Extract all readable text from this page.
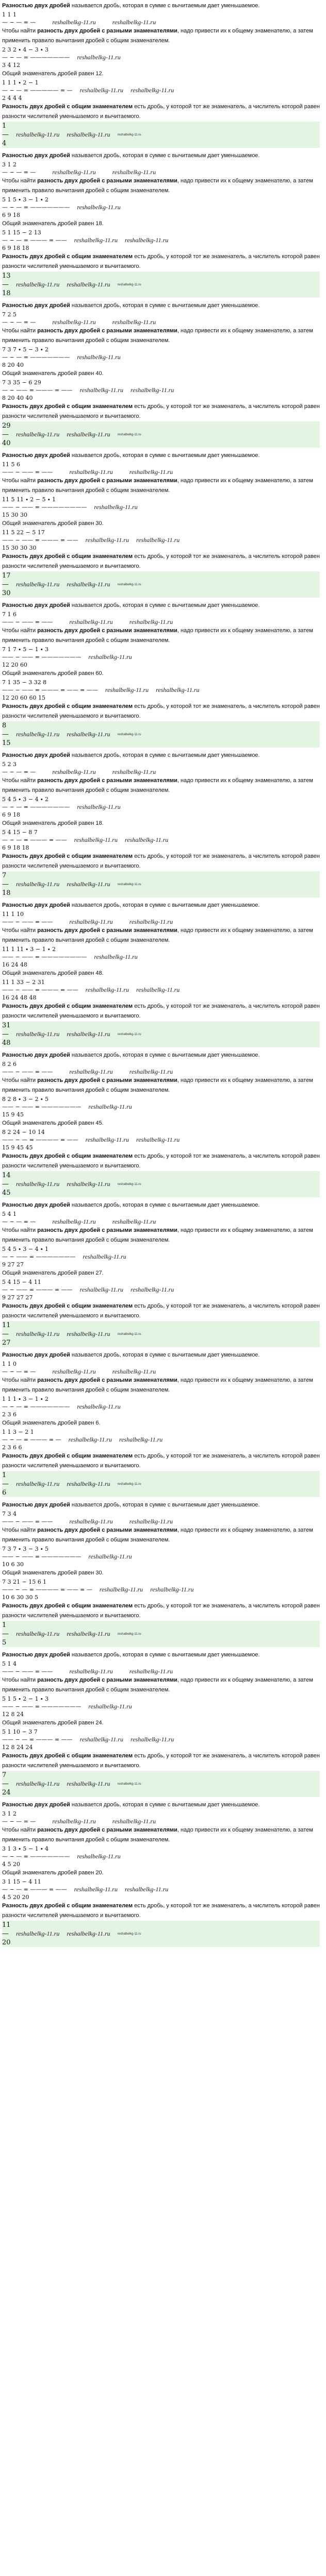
Разностью двух дробей называется дробь, которая в сумме с вычитаемым дает уменьшаемое.

1 1 1
— − — = —	reshalbelkg-11.ru	reshalbelkg-11.ru

Чтобы найти разность двух дробей с разными знаменателями, надо привести их к общему знаменателю, а затем применить правило вычитания дробей с общим знаменателем.

2 3 2 ∙ 4 − 3 ∙ 3
— − — = ——————— reshalbelkg-11.ru
3 4 12

Общий знаменатель дробей равен 12.

1 1 1 ∙ 2 − 1
— − — = ————— = — reshalbelkg-11.ru reshalbelkg-11.ru
2 4 4 4

Разность двух дробей с общим знаменателем есть дробь, у которой тот же знаменатель, а числитель которой равен разности числителей уменьшаемого и вычитаемого.

1
— reshalbelkg-11.ru reshalbelkg-11.ru reshalbelkg-11.ru
4

Разностью двух дробей называется дробь, которая в сумме с вычитаемым дает уменьшаемое.

3 1 2
— − — = —	reshalbelkg-11.ru	reshalbelkg-11.ru

Чтобы найти разность двух дробей с разными знаменателями, надо привести их к общему знаменателю, а затем применить правило вычитания дробей с общим знаменателем.

5 1 5 ∙ 3 − 1 ∙ 2
— − — = ——————— reshalbelkg-11.ru
6 9 18

Общий знаменатель дробей равен 18.

5 1 15 − 2 13
— − — = ——— = —— reshalbelkg-11.ru reshalbelkg-11.ru
6 9 18 18

Разность двух дробей с общим знаменателем есть дробь, у которой тот же знаменатель, а числитель которой равен разности числителей уменьшаемого и вычитаемого.

13
— reshalbelkg-11.ru reshalbelkg-11.ru reshalbelkg-11.ru
18

Разностью двух дробей называется дробь, которая в сумме с вычитаемым дает уменьшаемое.

7 2 5
— − — = —	reshalbelkg-11.ru	reshalbelkg-11.ru

Чтобы найти разность двух дробей с разными знаменателями, надо привести их к общему знаменателю, а затем применить правило вычитания дробей с общим знаменателем.

7 3 7 ∙ 5 − 3 ∙ 2
— − — = ——————— reshalbelkg-11.ru
8 20 40

Общий знаменатель дробей равен 40.

7 3 35 − 6 29
— − —— = ——— = —— reshalbelkg-11.ru reshalbelkg-11.ru
8 20 40 40

Разность двух дробей с общим знаменателем есть дробь, у которой тот же знаменатель, а числитель которой равен разности числителей уменьшаемого и вычитаемого.

29
— reshalbelkg-11.ru reshalbelkg-11.ru reshalbelkg-11.ru
40

Разностью двух дробей называется дробь, которая в сумме с вычитаемым дает уменьшаемое.

11 5 6
—— − —— = ——	reshalbelkg-11.ru	reshalbelkg-11.ru

Чтобы найти разность двух дробей с разными знаменателями, надо привести их к общему знаменателю, а затем применить правило вычитания дробей с общим знаменателем.

11 5 11 ∙ 2 − 5 ∙ 1
—— − —— = ———————— reshalbelkg-11.ru
15 30 30

Общий знаменатель дробей равен 30.

11 5 22 − 5 17
—— − —— = ——— = —— reshalbelkg-11.ru reshalbelkg-11.ru
15 30 30 30

Разность двух дробей с общим знаменателем есть дробь, у которой тот же знаменатель, а числитель которой равен разности числителей уменьшаемого и вычитаемого.

17
— reshalbelkg-11.ru reshalbelkg-11.ru reshalbelkg-11.ru
30

Разностью двух дробей называется дробь, которая в сумме с вычитаемым дает уменьшаемое.

7 1 6
—— − —— = ——	reshalbelkg-11.ru	reshalbelkg-11.ru

Чтобы найти разность двух дробей с разными знаменателями, надо привести их к общему знаменателю, а затем применить правило вычитания дробей с общим знаменателем.

7 1 7 ∙ 5 − 1 ∙ 3
—— − —— = ——————— reshalbelkg-11.ru
12 20 60

Общий знаменатель дробей равен 60.

7 1 35 − 3 32 8
—— − —— = ——— = —— = —— reshalbelkg-11.ru reshalbelkg-11.ru
12 20 60 60 15

Разность двух дробей с общим знаменателем есть дробь, у которой тот же знаменатель, а числитель которой равен разности числителей уменьшаемого и вычитаемого.

8
— reshalbelkg-11.ru reshalbelkg-11.ru reshalbelkg-11.ru
15

Разностью двух дробей называется дробь, которая в сумме с вычитаемым дает уменьшаемое.

5 2 3
— − — = —	reshalbelkg-11.ru	reshalbelkg-11.ru

Чтобы найти разность двух дробей с разными знаменателями, надо привести их к общему знаменателю, а затем применить правило вычитания дробей с общим знаменателем.

5 4 5 ∙ 3 − 4 ∙ 2
— − — = ——————— reshalbelkg-11.ru
6 9 18

Общий знаменатель дробей равен 18.

5 4 15 − 8 7
— − — = ——— = —— reshalbelkg-11.ru reshalbelkg-11.ru
6 9 18 18

Разность двух дробей с общим знаменателем есть дробь, у которой тот же знаменатель, а числитель которой равен разности числителей уменьшаемого и вычитаемого.

7
— reshalbelkg-11.ru reshalbelkg-11.ru reshalbelkg-11.ru
18

Разностью двух дробей называется дробь, которая в сумме с вычитаемым дает уменьшаемое.

11 1 10
—— − —— = ——	reshalbelkg-11.ru	reshalbelkg-11.ru

Чтобы найти разность двух дробей с разными знаменателями, надо привести их к общему знаменателю, а затем применить правило вычитания дробей с общим знаменателем.

11 1 11 ∙ 3 − 1 ∙ 2
—— − —— = ———————— reshalbelkg-11.ru
16 24 48

Общий знаменатель дробей равен 48.

11 1 33 − 2 31
—— − —— = ——— = —— reshalbelkg-11.ru reshalbelkg-11.ru
16 24 48 48

Разность двух дробей с общим знаменателем есть дробь, у которой тот же знаменатель, а числитель которой равен разности числителей уменьшаемого и вычитаемого.

31
— reshalbelkg-11.ru reshalbelkg-11.ru reshalbelkg-11.ru
48

Разностью двух дробей называется дробь, которая в сумме с вычитаемым дает уменьшаемое.

8 2 6
—— − —— = ——	reshalbelkg-11.ru	reshalbelkg-11.ru

Чтобы найти разность двух дробей с разными знаменателями, надо привести их к общему знаменателю, а затем применить правило вычитания дробей с общим знаменателем.

8 2 8 ∙ 3 − 2 ∙ 5
—— − —— = ——————— reshalbelkg-11.ru
15 9 45

Общий знаменатель дробей равен 45.

8 2 24 − 10 14
—— − — = ———— = —— reshalbelkg-11.ru reshalbelkg-11.ru
15 9 45 45

Разность двух дробей с общим знаменателем есть дробь, у которой тот же знаменатель, а числитель которой равен разности числителей уменьшаемого и вычитаемого.

14
— reshalbelkg-11.ru reshalbelkg-11.ru reshalbelkg-11.ru
45

Разностью двух дробей называется дробь, которая в сумме с вычитаемым дает уменьшаемое.

5 4 1
— − — = —	reshalbelkg-11.ru	reshalbelkg-11.ru

Чтобы найти разность двух дробей с разными знаменателями, надо привести их к общему знаменателю, а затем применить правило вычитания дробей с общим знаменателем.

5 4 5 ∙ 3 − 4 ∙ 1
— − —— = ——————— reshalbelkg-11.ru
9 27 27

Общий знаменатель дробей равен 27.

5 4 15 − 4 11
— − —— = ——— = —— reshalbelkg-11.ru reshalbelkg-11.ru
9 27 27 27

Разность двух дробей с общим знаменателем есть дробь, у которой тот же знаменатель, а числитель которой равен разности числителей уменьшаемого и вычитаемого.

11
— reshalbelkg-11.ru reshalbelkg-11.ru reshalbelkg-11.ru
27

Разностью двух дробей называется дробь, которая в сумме с вычитаемым дает уменьшаемое.

1 1 0
— − — = —	reshalbelkg-11.ru	reshalbelkg-11.ru

Чтобы найти разность двух дробей с разными знаменателями, надо привести их к общему знаменателю, а затем применить правило вычитания дробей с общим знаменателем.

1 1 1 ∙ 3 − 1 ∙ 2
— − — = ——————— reshalbelkg-11.ru
2 3 6

Общий знаменатель дробей равен 6.

1 1 3 − 2 1
— − — = ——— = — reshalbelkg-11.ru reshalbelkg-11.ru
2 3 6 6

Разность двух дробей с общим знаменателем есть дробь, у которой тот же знаменатель, а числитель которой равен разности числителей уменьшаемого и вычитаемого.

1
— reshalbelkg-11.ru reshalbelkg-11.ru reshalbelkg-11.ru
6

Разностью двух дробей называется дробь, которая в сумме с вычитаемым дает уменьшаемое.

7 3 4
—— − —— = ——	reshalbelkg-11.ru	reshalbelkg-11.ru

Чтобы найти разность двух дробей с разными знаменателями, надо привести их к общему знаменателю, а затем применить правило вычитания дробей с общим знаменателем.

7 3 7 ∙ 3 − 3 ∙ 5
—— − —— = ——————— reshalbelkg-11.ru
10 6 30

Общий знаменатель дробей равен 30.

7 3 21 − 15 6 1
—— − — = ———— = —— = — reshalbelkg-11.ru reshalbelkg-11.ru
10 6 30 30 5

Разность двух дробей с общим знаменателем есть дробь, у которой тот же знаменатель, а числитель которой равен разности числителей уменьшаемого и вычитаемого.

1
— reshalbelkg-11.ru reshalbelkg-11.ru reshalbelkg-11.ru
5

Разностью двух дробей называется дробь, которая в сумме с вычитаемым дает уменьшаемое.

5 1 4
—— − —— = ——	reshalbelkg-11.ru	reshalbelkg-11.ru

Чтобы найти разность двух дробей с разными знаменателями, надо привести их к общему знаменателю, а затем применить правило вычитания дробей с общим знаменателем.

5 1 5 ∙ 2 − 1 ∙ 3
—— − —— = ——————— reshalbelkg-11.ru
12 8 24

Общий знаменатель дробей равен 24.

5 1 10 − 3 7
—— − — = ——— = —— reshalbelkg-11.ru reshalbelkg-11.ru
12 8 24 24

Разность двух дробей с общим знаменателем есть дробь, у которой тот же знаменатель, а числитель которой равен разности числителей уменьшаемого и вычитаемого.

7
— reshalbelkg-11.ru reshalbelkg-11.ru reshalbelkg-11.ru
24

Разностью двух дробей называется дробь, которая в сумме с вычитаемым дает уменьшаемое.

3 1 2
— − — = —	reshalbelkg-11.ru	reshalbelkg-11.ru

Чтобы найти разность двух дробей с разными знаменателями, надо привести их к общему знаменателю, а затем применить правило вычитания дробей с общим знаменателем.

3 1 3 ∙ 5 − 1 ∙ 4
— − — = ——————— reshalbelkg-11.ru
4 5 20

Общий знаменатель дробей равен 20.

3 1 15 − 4 11
— − — = ——— = —— reshalbelkg-11.ru reshalbelkg-11.ru
4 5 20 20

Разность двух дробей с общим знаменателем есть дробь, у которой тот же знаменатель, а числитель которой равен разности числителей уменьшаемого и вычитаемого.

11
— reshalbelkg-11.ru reshalbelkg-11.ru reshalbelkg-11.ru
20
